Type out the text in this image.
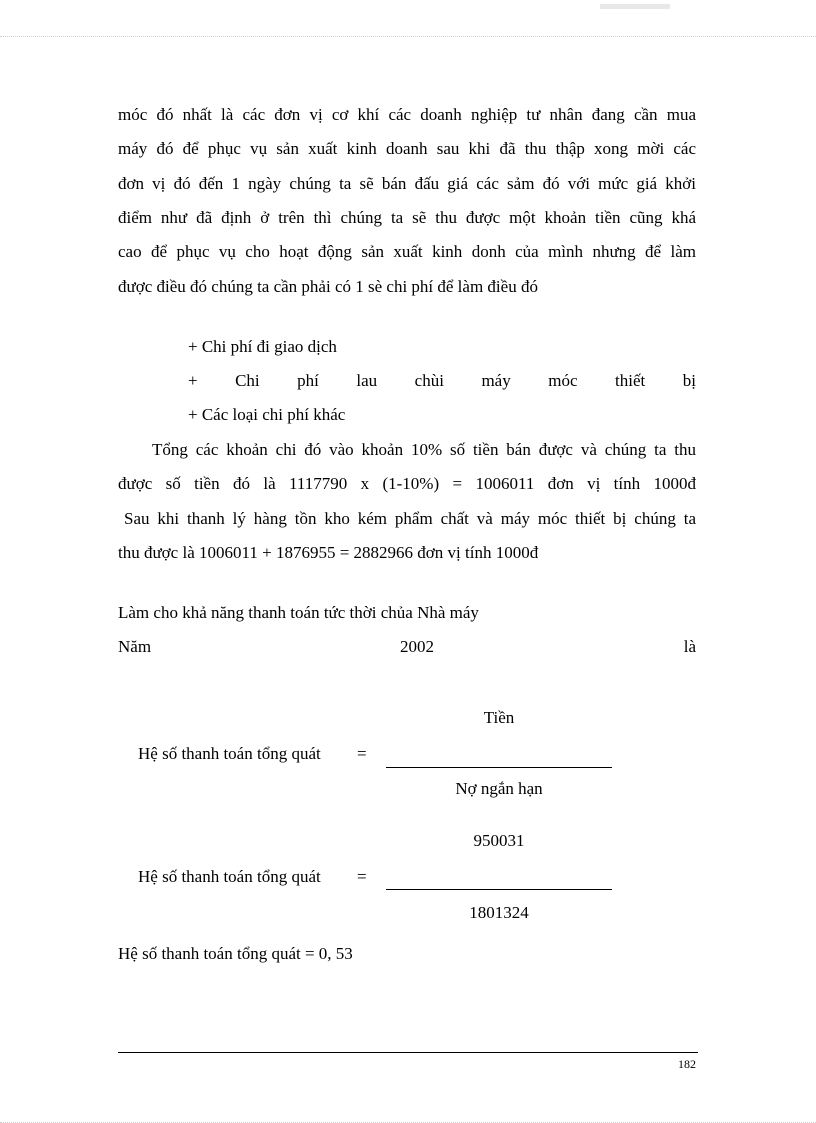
móc đó nhất là các đơn vị cơ khí các doanh nghiệp tư nhân đang cần mua
máy đó để phục vụ sản xuất kinh doanh sau khi đã thu thập xong mời các
đơn vị đó đến 1 ngày chúng ta sẽ bán đấu giá các sảm đó với mức giá khởi
điểm như đã định ở trên thì chúng ta sẽ thu được một khoản tiền cũng khá
cao để phục vụ cho hoạt động sản xuất kinh donh của mình nhưng để làm
được điều đó chúng ta cần phải có 1 sè chi phí để làm điều đó
+ Chi phí đi giao dịch
+ Chi phí lau chùi máy móc thiết bị
+ Các loại chi phí khác
Tổng các khoản chi đó vào khoản 10% số tiền bán được và chúng ta thu
được số tiền đó là 1117790 x (1-10%) = 1006011 đơn vị tính 1000đ
Sau khi thanh lý hàng tồn kho kém phẩm chất và máy móc thiết bị chúng ta
thu được là 1006011 + 1876955 = 2882966 đơn vị tính 1000đ
Làm cho khả năng thanh toán tức thời chủa Nhà máy
Năm	2002	là
Tiền
Hệ số thanh toán tổng quát =
Nợ ngắn hạn
950031
Hệ số thanh toán tổng quát =
1801324
Hệ số thanh toán tổng quát = 0, 53
182
